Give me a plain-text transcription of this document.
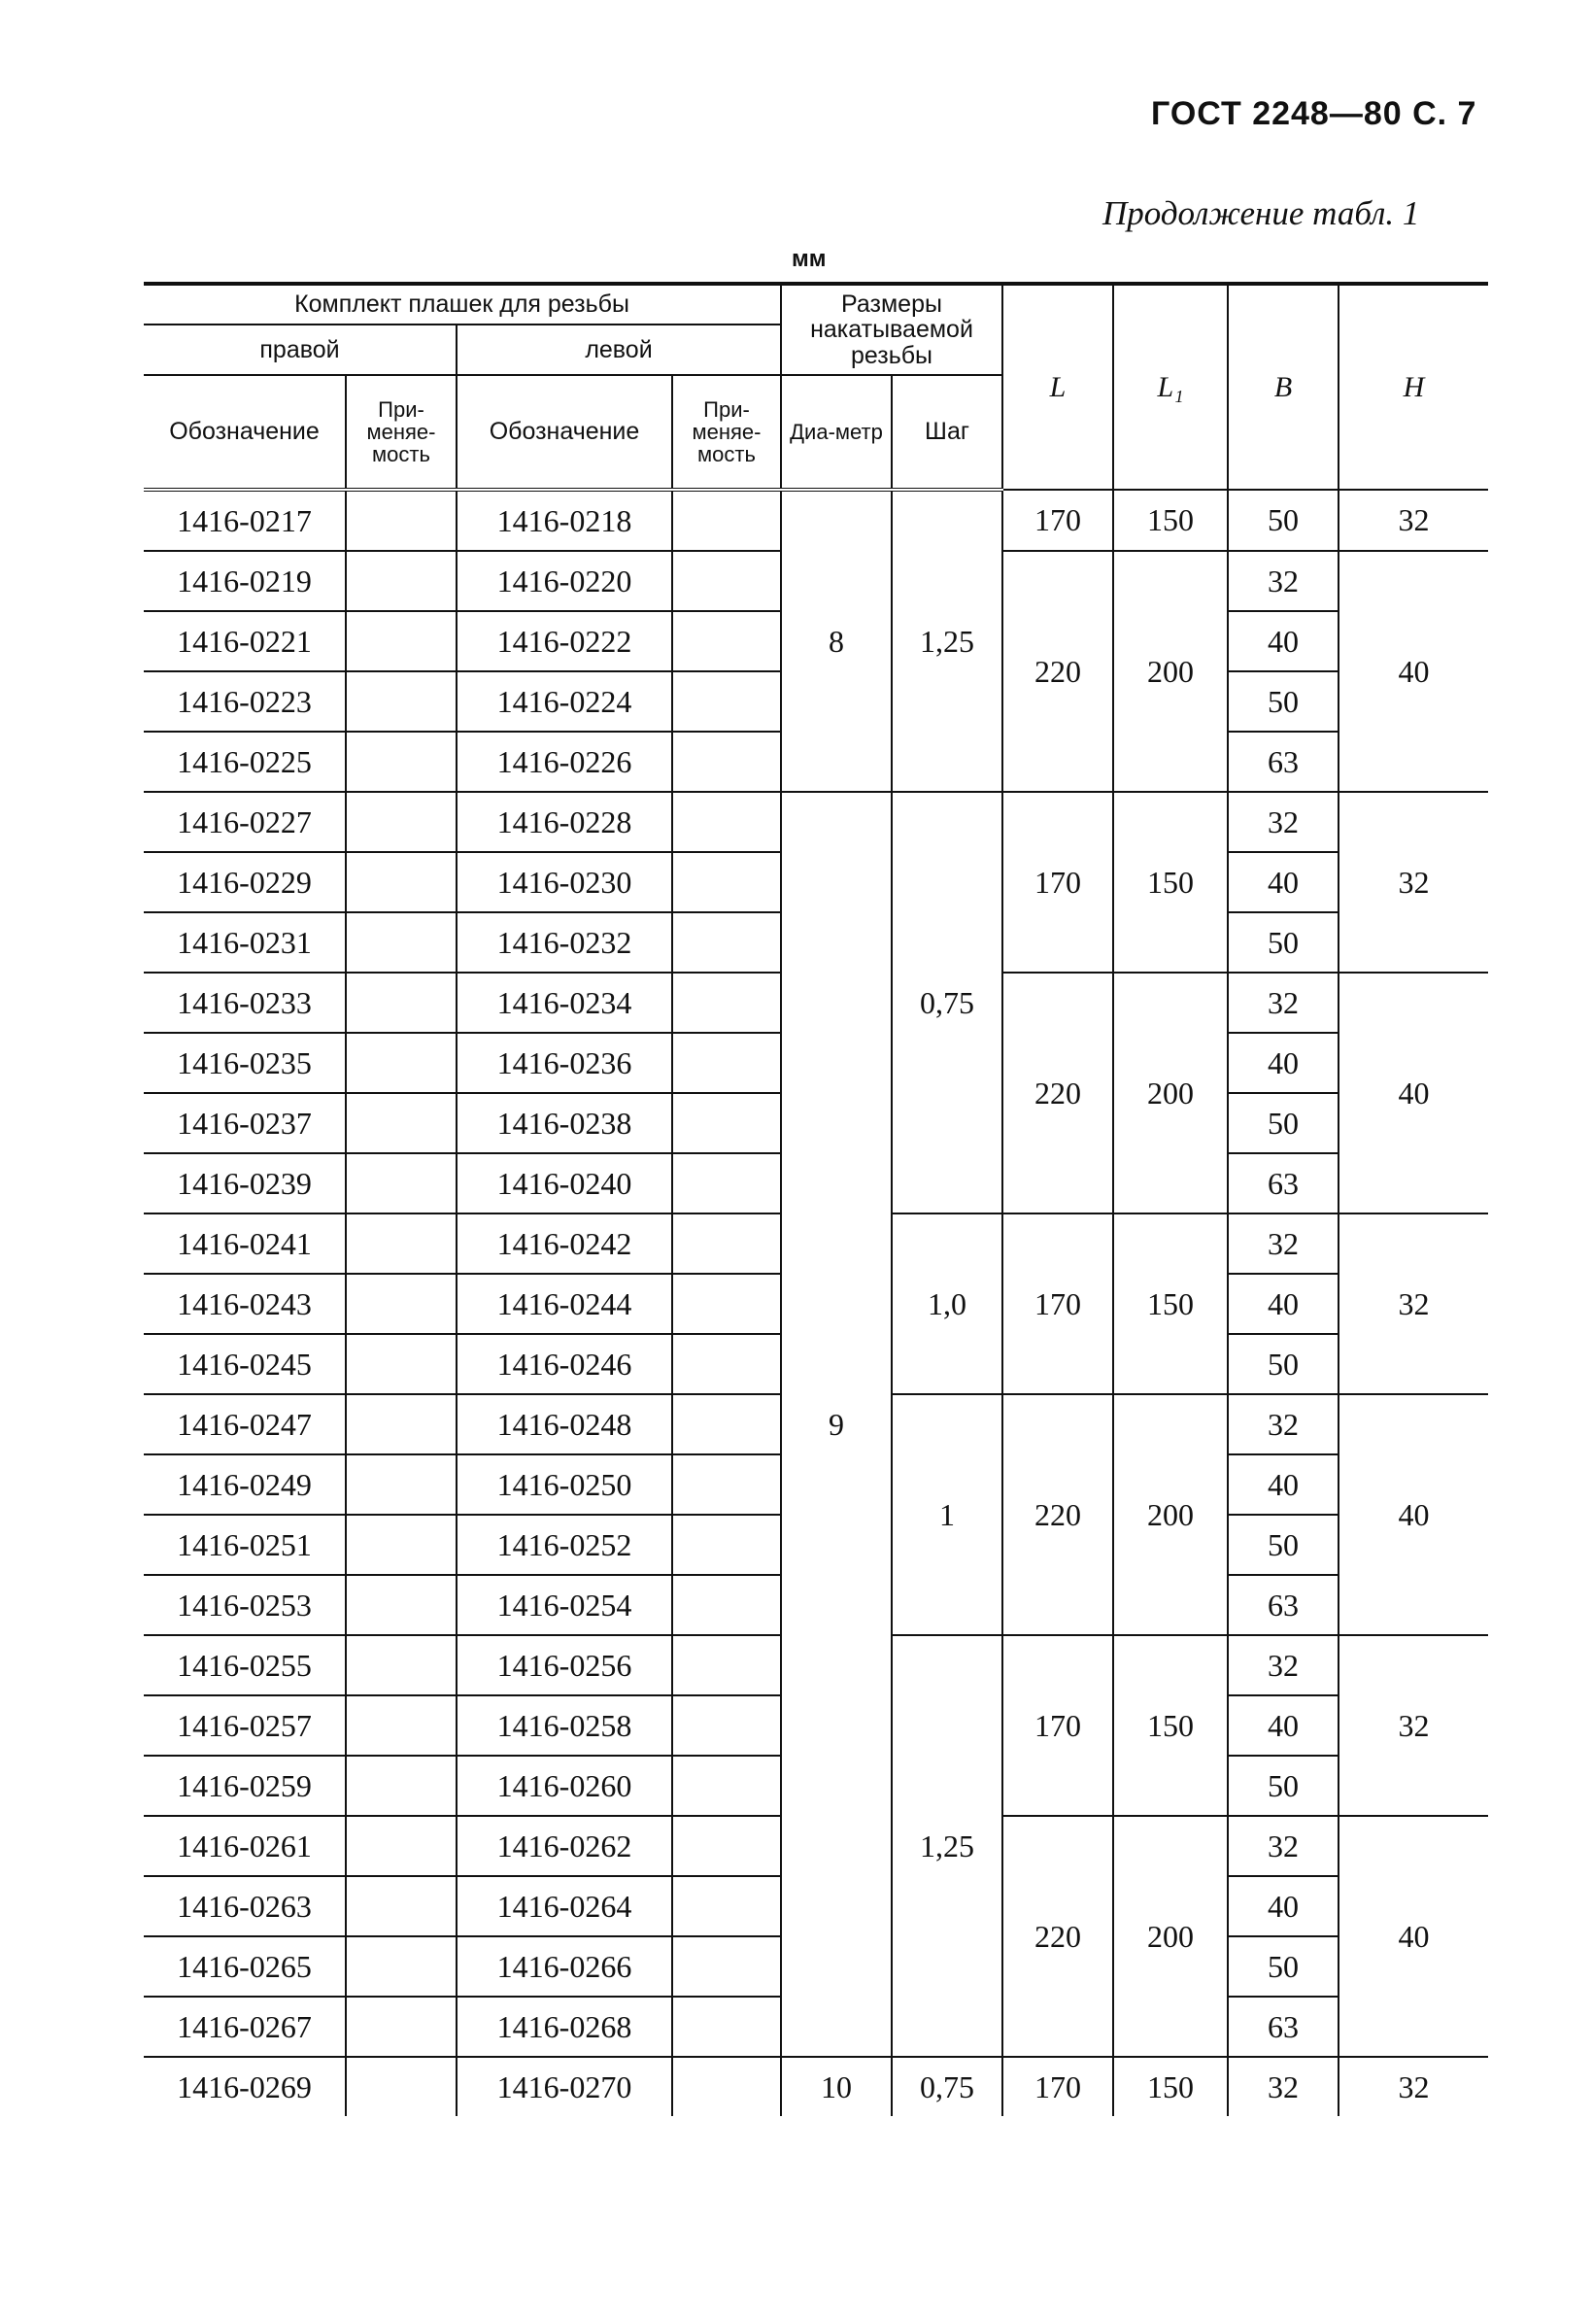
ГОСТ 2248—80 С. 7
Продолжение табл. 1
мм
Комплект плашек для резьбы				Размеры накатываемой резьбы		L	L₁	B	H
правой		левой							
Обозначение	При-меняе-мость	Обозначение	При-меняе-мость	Диа-метр	Шаг				
1416-0217		1416-0218		8	1,25	170	150	50	32
1416-0219		1416-0220				220	200	32	40
1416-0221		1416-0222						40	
1416-0223		1416-0224						50	
1416-0225		1416-0226						63	
1416-0227		1416-0228		9	0,75	170	150	32	32
1416-0229		1416-0230						40	
1416-0231		1416-0232						50	
1416-0233		1416-0234				220	200	32	40
1416-0235		1416-0236						40	
1416-0237		1416-0238						50	
1416-0239		1416-0240						63	
1416-0241		1416-0242			1,0	170	150	32	32
1416-0243		1416-0244						40	
1416-0245		1416-0246						50	
1416-0247		1416-0248			1	220	200	32	40
1416-0249		1416-0250						40	
1416-0251		1416-0252						50	
1416-0253		1416-0254						63	
1416-0255		1416-0256			1,25	170	150	32	32
1416-0257		1416-0258						40	
1416-0259		1416-0260						50	
1416-0261		1416-0262				220	200	32	40
1416-0263		1416-0264						40	
1416-0265		1416-0266						50	
1416-0267		1416-0268						63	
1416-0269		1416-0270		10	0,75	170	150	32	32
